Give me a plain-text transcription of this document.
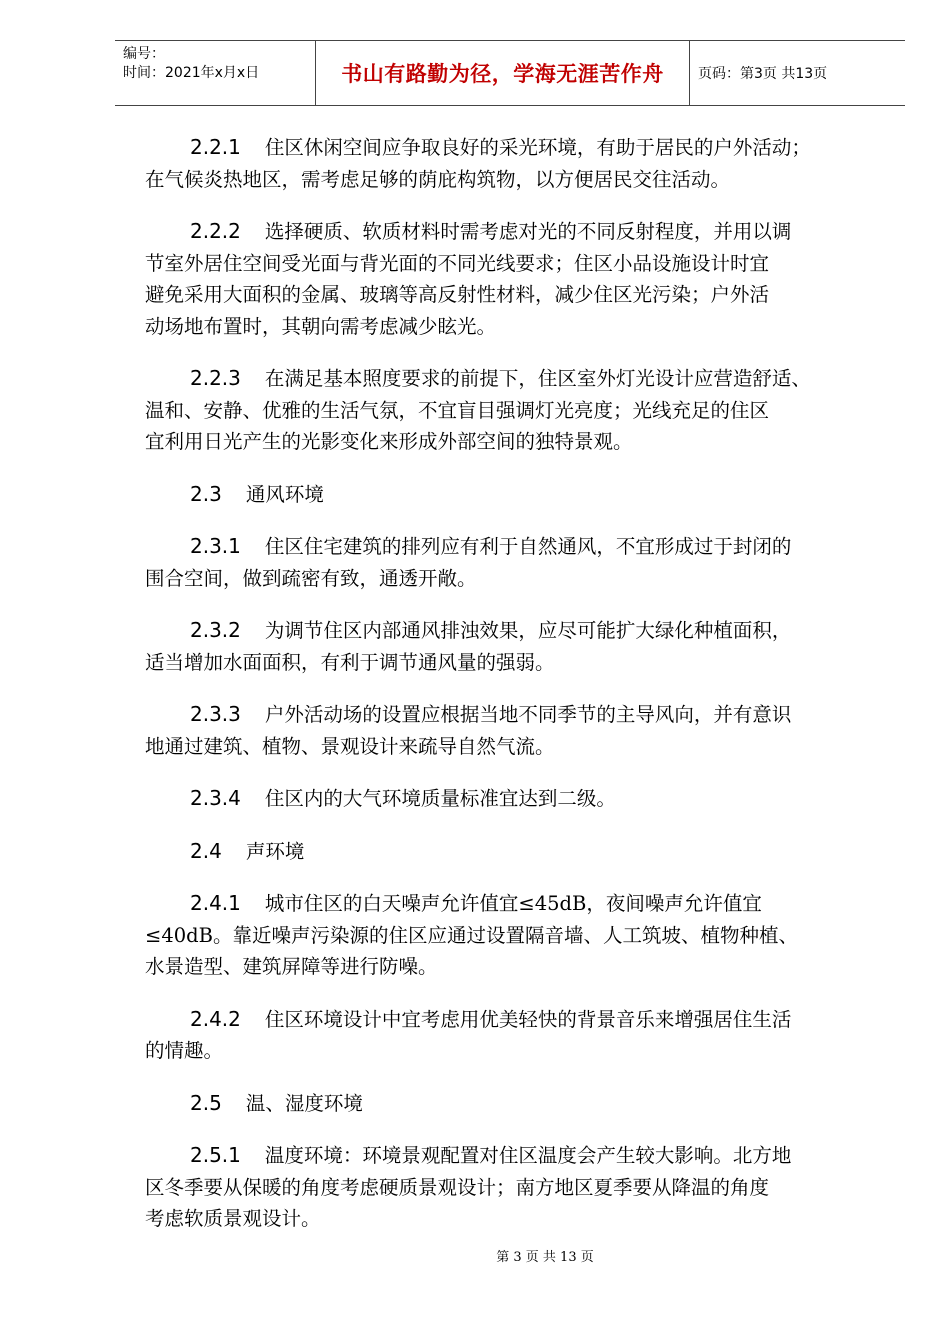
编号：
时间：2021年x月x日	书山有路勤为径，学海无涯苦作舟	页码：第3页 共13页
2.2.1 住区休闲空间应争取良好的采光环境，有助于居民的户外活动；
在气候炎热地区，需考虑足够的荫庇构筑物，以方便居民交往活动。
2.2.2 选择硬质、软质材料时需考虑对光的不同反射程度，并用以调
节室外居住空间受光面与背光面的不同光线要求；住区小品设施设计时宜
避免采用大面积的金属、玻璃等高反射性材料，减少住区光污染；户外活
动场地布置时，其朝向需考虑减少眩光。
2.2.3 在满足基本照度要求的前提下，住区室外灯光设计应营造舒适、
温和、安静、优雅的生活气氛，不宜盲目强调灯光亮度；光线充足的住区
宜利用日光产生的光影变化来形成外部空间的独特景观。
2.3 通风环境
2.3.1 住区住宅建筑的排列应有利于自然通风，不宜形成过于封闭的
围合空间，做到疏密有致，通透开敞。
2.3.2 为调节住区内部通风排浊效果，应尽可能扩大绿化种植面积，
适当增加水面面积，有利于调节通风量的强弱。
2.3.3 户外活动场的设置应根据当地不同季节的主导风向，并有意识
地通过建筑、植物、景观设计来疏导自然气流。
2.3.4 住区内的大气环境质量标准宜达到二级。
2.4 声环境
2.4.1 城市住区的白天噪声允许值宜≤45dB，夜间噪声允许值宜
≤40dB。靠近噪声污染源的住区应通过设置隔音墙、人工筑坡、植物种植、
水景造型、建筑屏障等进行防噪。
2.4.2 住区环境设计中宜考虑用优美轻快的背景音乐来增强居住生活
的情趣。
2.5 温、湿度环境
2.5.1 温度环境：环境景观配置对住区温度会产生较大影响。北方地
区冬季要从保暖的角度考虑硬质景观设计；南方地区夏季要从降温的角度
考虑软质景观设计。
第 3 页 共 13 页
